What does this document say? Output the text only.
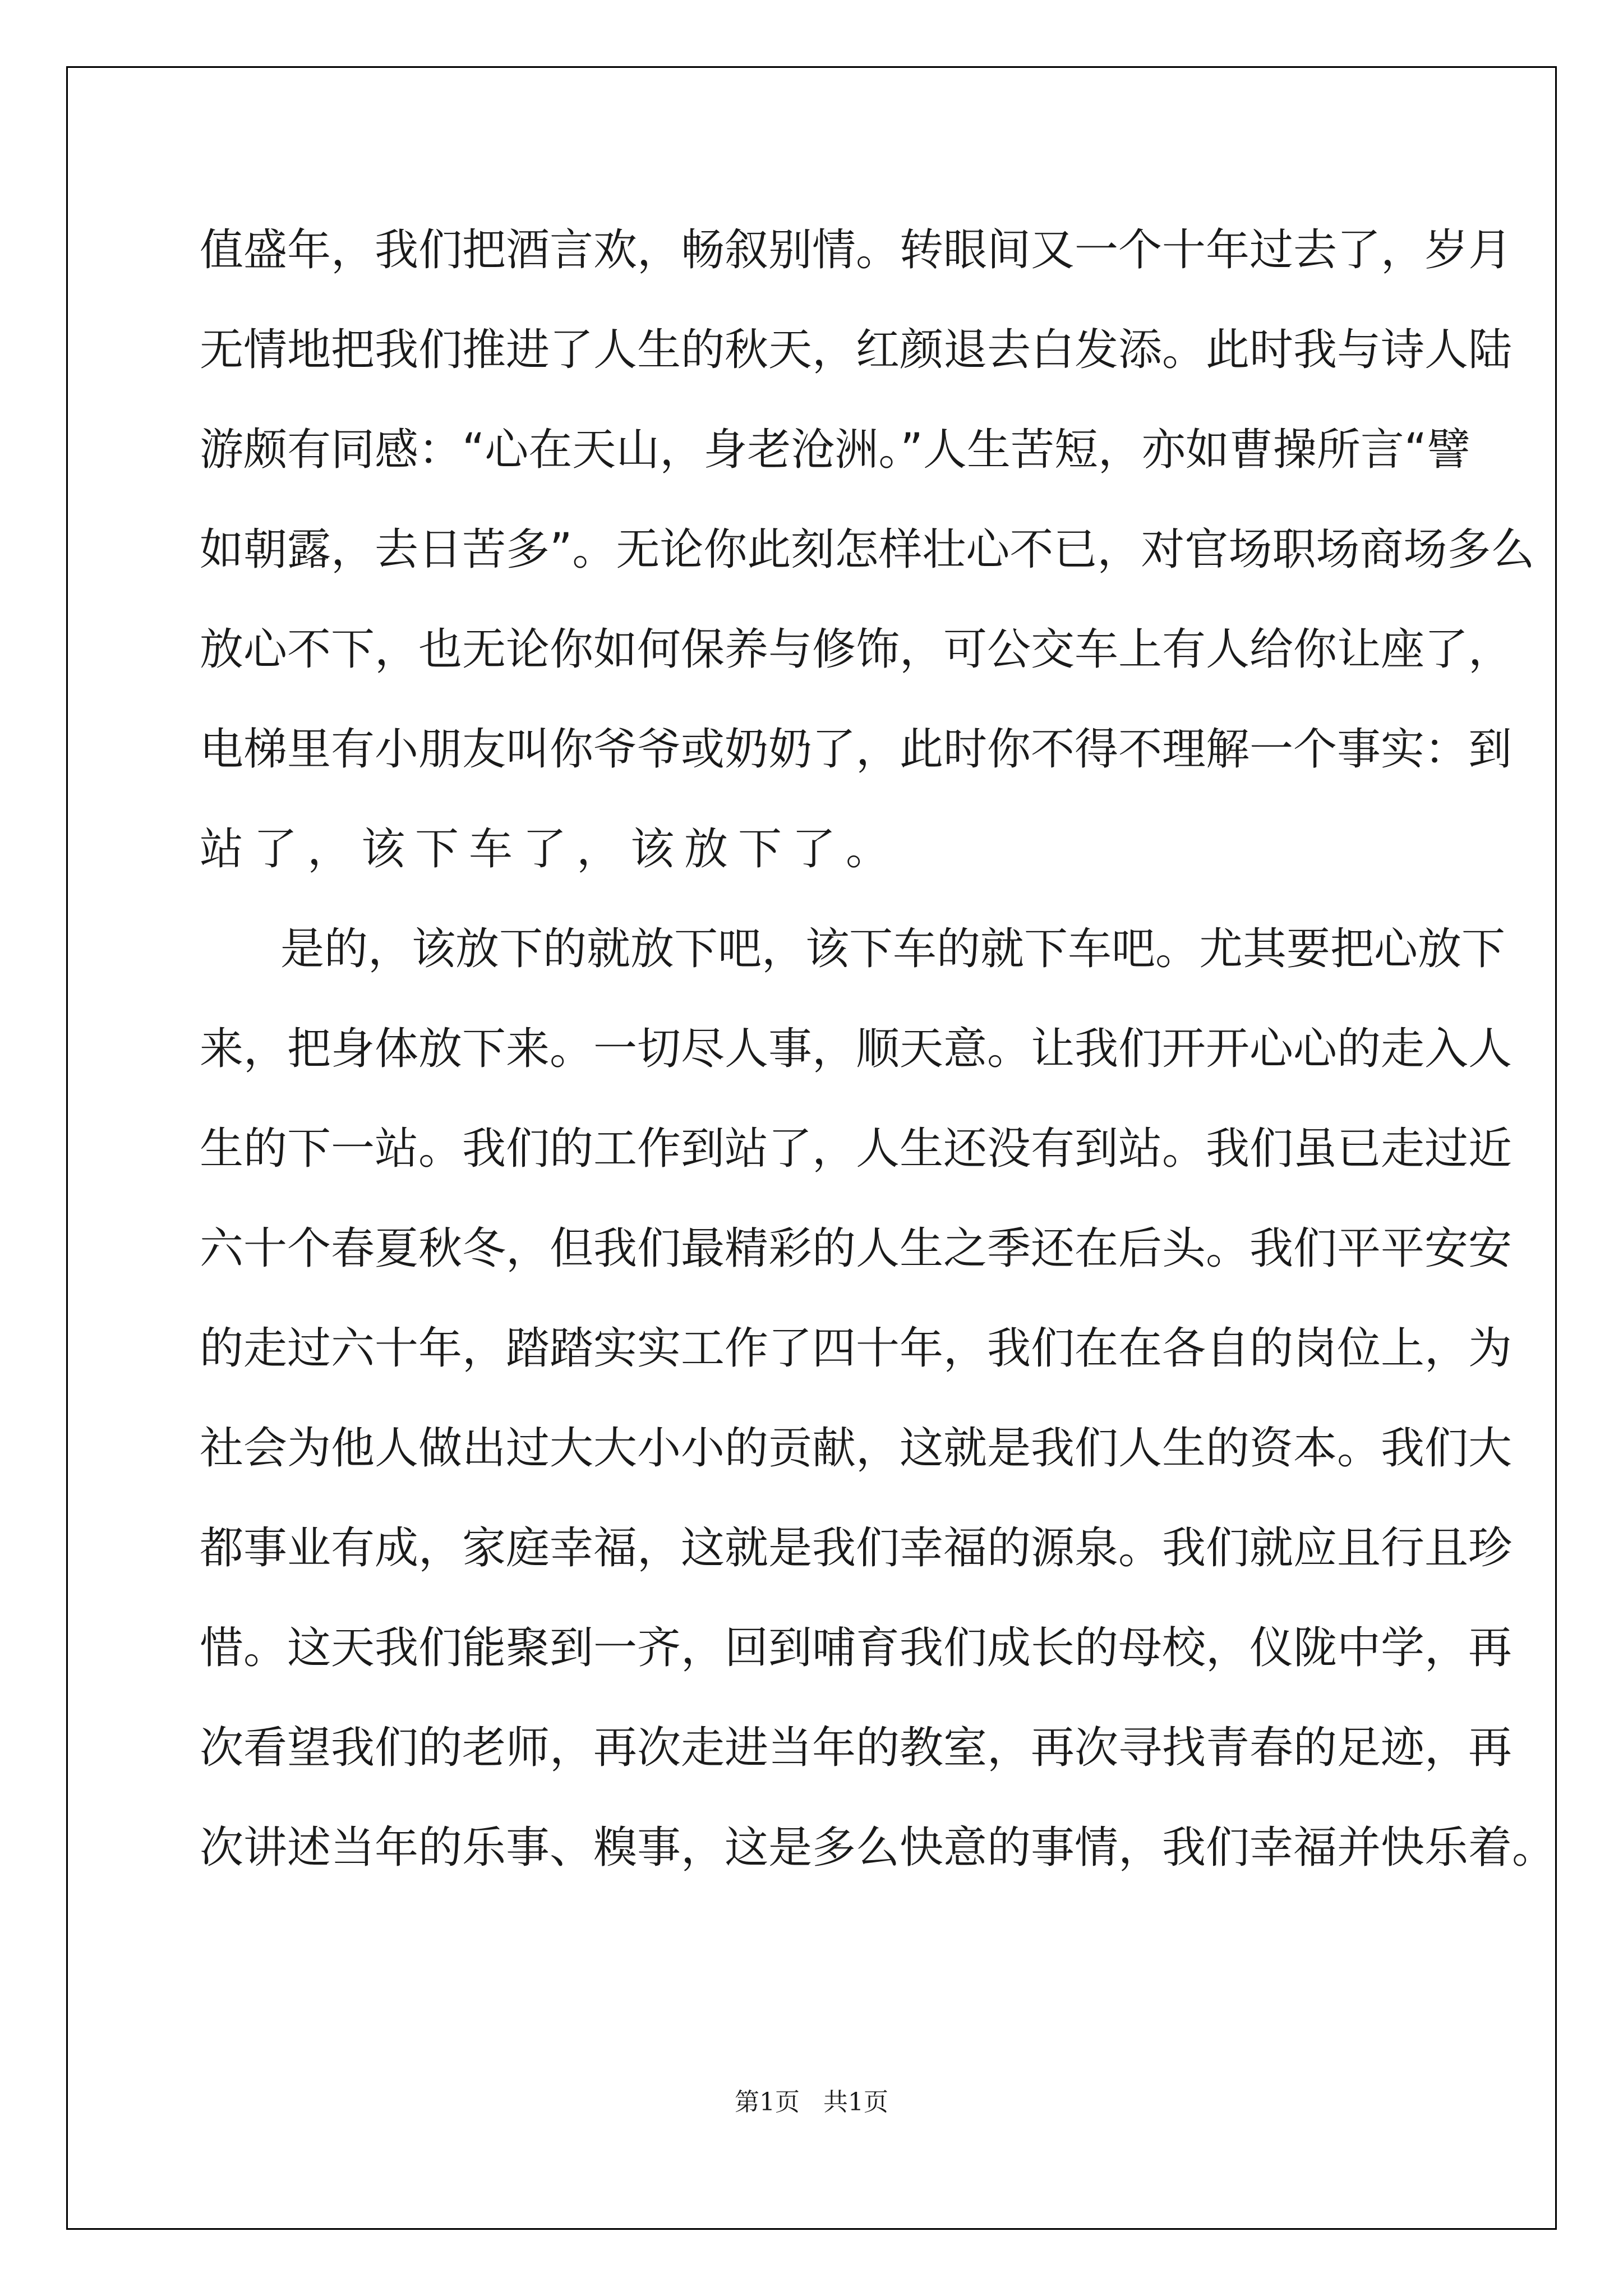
值盛年，我们把酒言欢，畅叙别情。转眼间又一个十年过去了，岁月
无情地把我们推进了人生的秋天，红颜退去白发添。此时我与诗人陆
游颇有同感：“心在天山，身老沧洲。”人生苦短，亦如曹操所言“譬
如朝露，去日苦多”。无论你此刻怎样壮心不已，对官场职场商场多么
放心不下，也无论你如何保养与修饰，可公交车上有人给你让座了，
电梯里有小朋友叫你爷爷或奶奶了，此时你不得不理解一个事实：到
站了，该下车了，该放下了。
是的，该放下的就放下吧，该下车的就下车吧。尤其要把心放下
来，把身体放下来。一切尽人事，顺天意。让我们开开心心的走入人
生的下一站。我们的工作到站了，人生还没有到站。我们虽已走过近
六十个春夏秋冬，但我们最精彩的人生之季还在后头。我们平平安安
的走过六十年，踏踏实实工作了四十年，我们在在各自的岗位上，为
社会为他人做出过大大小小的贡献，这就是我们人生的资本。我们大
都事业有成，家庭幸福，这就是我们幸福的源泉。我们就应且行且珍
惜。这天我们能聚到一齐，回到哺育我们成长的母校，仪陇中学，再
次看望我们的老师，再次走进当年的教室，再次寻找青春的足迹，再
次讲述当年的乐事、糗事，这是多么快意的事情，我们幸福并快乐着。
第1页   共1页
